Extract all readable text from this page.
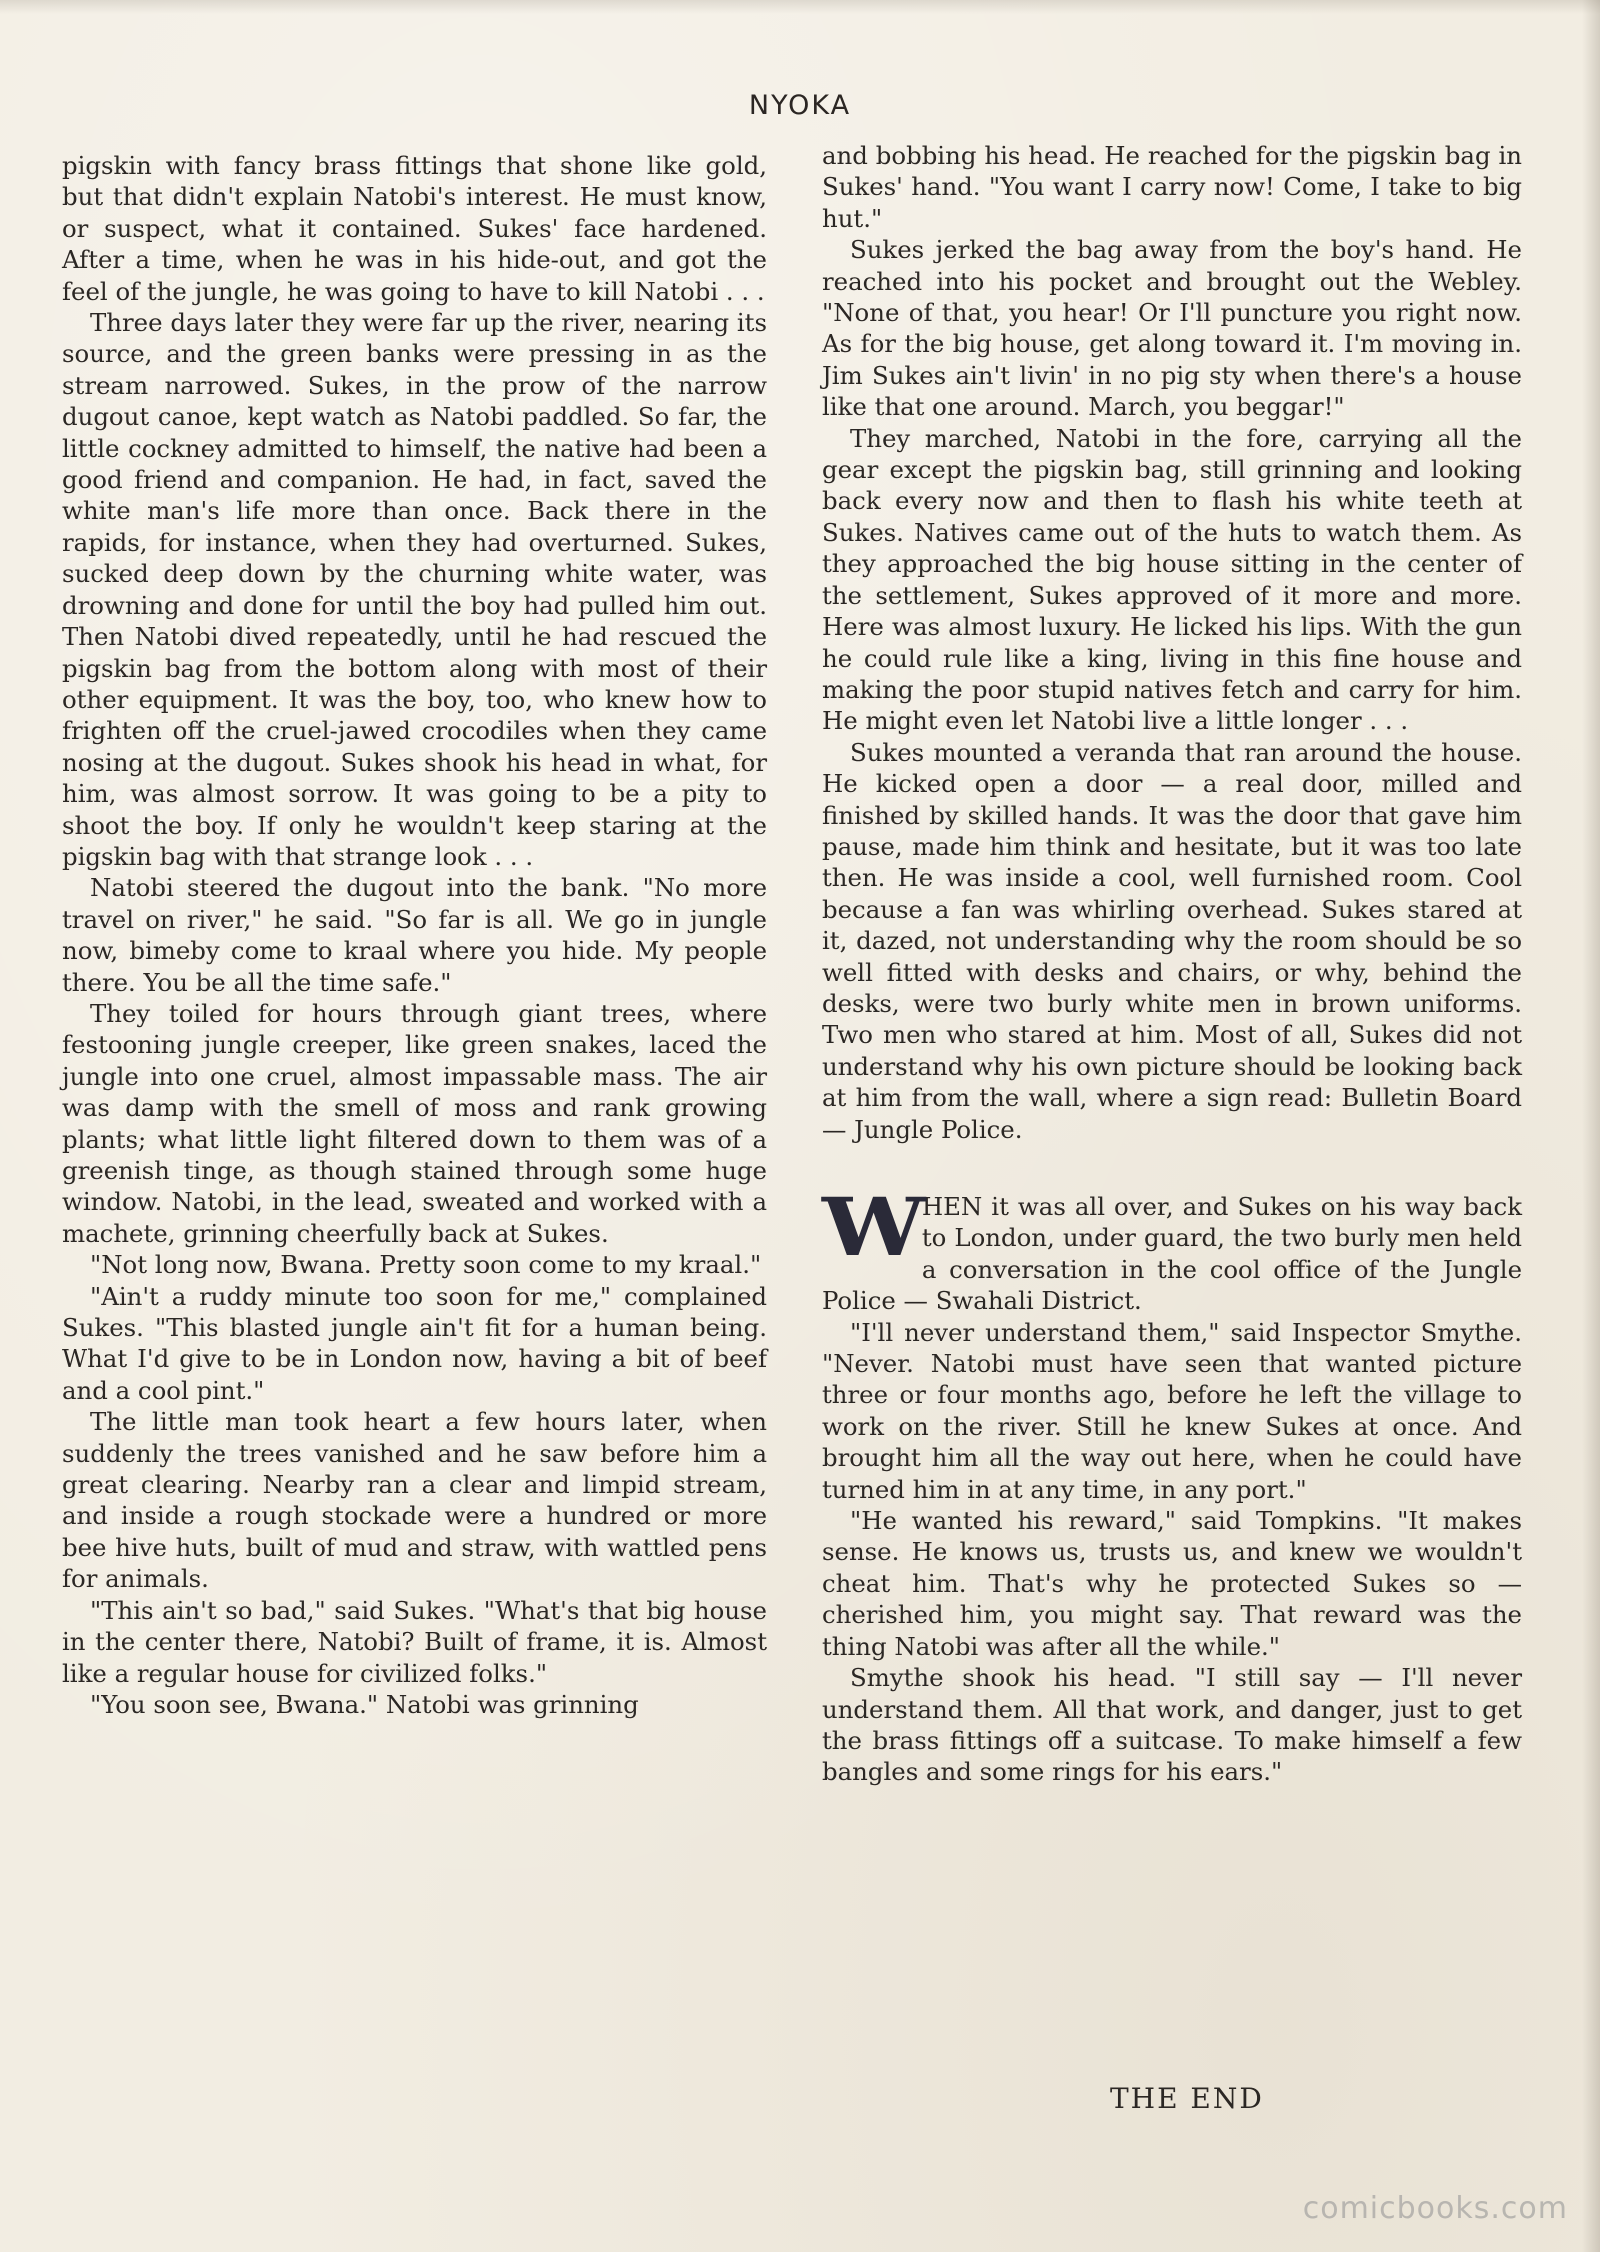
NYOKA

pigskin with fancy brass fittings that shone like gold, but that didn't explain Natobi's interest. He must know, or suspect, what it contained. Sukes' face hardened. After a time, when he was in his hide-out, and got the feel of the jungle, he was going to have to kill Natobi . . .

Three days later they were far up the river, nearing its source, and the green banks were pressing in as the stream narrowed. Sukes, in the prow of the narrow dugout canoe, kept watch as Natobi paddled. So far, the little cockney admitted to himself, the native had been a good friend and companion. He had, in fact, saved the white man's life more than once. Back there in the rapids, for instance, when they had overturned. Sukes, sucked deep down by the churning white water, was drowning and done for until the boy had pulled him out. Then Natobi dived repeatedly, until he had rescued the pigskin bag from the bottom along with most of their other equipment. It was the boy, too, who knew how to frighten off the cruel-jawed crocodiles when they came nosing at the dugout. Sukes shook his head in what, for him, was almost sorrow. It was going to be a pity to shoot the boy. If only he wouldn't keep staring at the pigskin bag with that strange look . . .

Natobi steered the dugout into the bank. "No more travel on river," he said. "So far is all. We go in jungle now, bimeby come to kraal where you hide. My people there. You be all the time safe."

They toiled for hours through giant trees, where festooning jungle creeper, like green snakes, laced the jungle into one cruel, almost impassable mass. The air was damp with the smell of moss and rank growing plants; what little light filtered down to them was of a greenish tinge, as though stained through some huge window. Natobi, in the lead, sweated and worked with a machete, grinning cheerfully back at Sukes.

"Not long now, Bwana. Pretty soon come to my kraal."

"Ain't a ruddy minute too soon for me," complained Sukes. "This blasted jungle ain't fit for a human being. What I'd give to be in London now, having a bit of beef and a cool pint."

The little man took heart a few hours later, when suddenly the trees vanished and he saw before him a great clearing. Nearby ran a clear and limpid stream, and inside a rough stockade were a hundred or more bee hive huts, built of mud and straw, with wattled pens for animals.

"This ain't so bad," said Sukes. "What's that big house in the center there, Natobi? Built of frame, it is. Almost like a regular house for civilized folks."

"You soon see, Bwana." Natobi was grinning

and bobbing his head. He reached for the pigskin bag in Sukes' hand. "You want I carry now! Come, I take to big hut."

Sukes jerked the bag away from the boy's hand. He reached into his pocket and brought out the Webley. "None of that, you hear! Or I'll puncture you right now. As for the big house, get along toward it. I'm moving in. Jim Sukes ain't livin' in no pig sty when there's a house like that one around. March, you beggar!"

They marched, Natobi in the fore, carrying all the gear except the pigskin bag, still grinning and looking back every now and then to flash his white teeth at Sukes. Natives came out of the huts to watch them. As they approached the big house sitting in the center of the settlement, Sukes approved of it more and more. Here was almost luxury. He licked his lips. With the gun he could rule like a king, living in this fine house and making the poor stupid natives fetch and carry for him. He might even let Natobi live a little longer . . .

Sukes mounted a veranda that ran around the house. He kicked open a door — a real door, milled and finished by skilled hands. It was the door that gave him pause, made him think and hesitate, but it was too late then. He was inside a cool, well furnished room. Cool because a fan was whirling overhead. Sukes stared at it, dazed, not understanding why the room should be so well fitted with desks and chairs, or why, behind the desks, were two burly white men in brown uniforms. Two men who stared at him. Most of all, Sukes did not understand why his own picture should be looking back at him from the wall, where a sign read: Bulletin Board — Jungle Police.

W
HEN it was all over, and Sukes on his way back to London, under guard, the two burly men held a conversation in the cool office of the Jungle Police — Swahali District.

"I'll never understand them," said Inspector Smythe. "Never. Natobi must have seen that wanted picture three or four months ago, before he left the village to work on the river. Still he knew Sukes at once. And brought him all the way out here, when he could have turned him in at any time, in any port."

"He wanted his reward," said Tompkins. "It makes sense. He knows us, trusts us, and knew we wouldn't cheat him. That's why he protected Sukes so — cherished him, you might say. That reward was the thing Natobi was after all the while."

Smythe shook his head. "I still say — I'll never understand them. All that work, and danger, just to get the brass fittings off a suitcase. To make himself a few bangles and some rings for his ears."

THE END
comicbooks.com
